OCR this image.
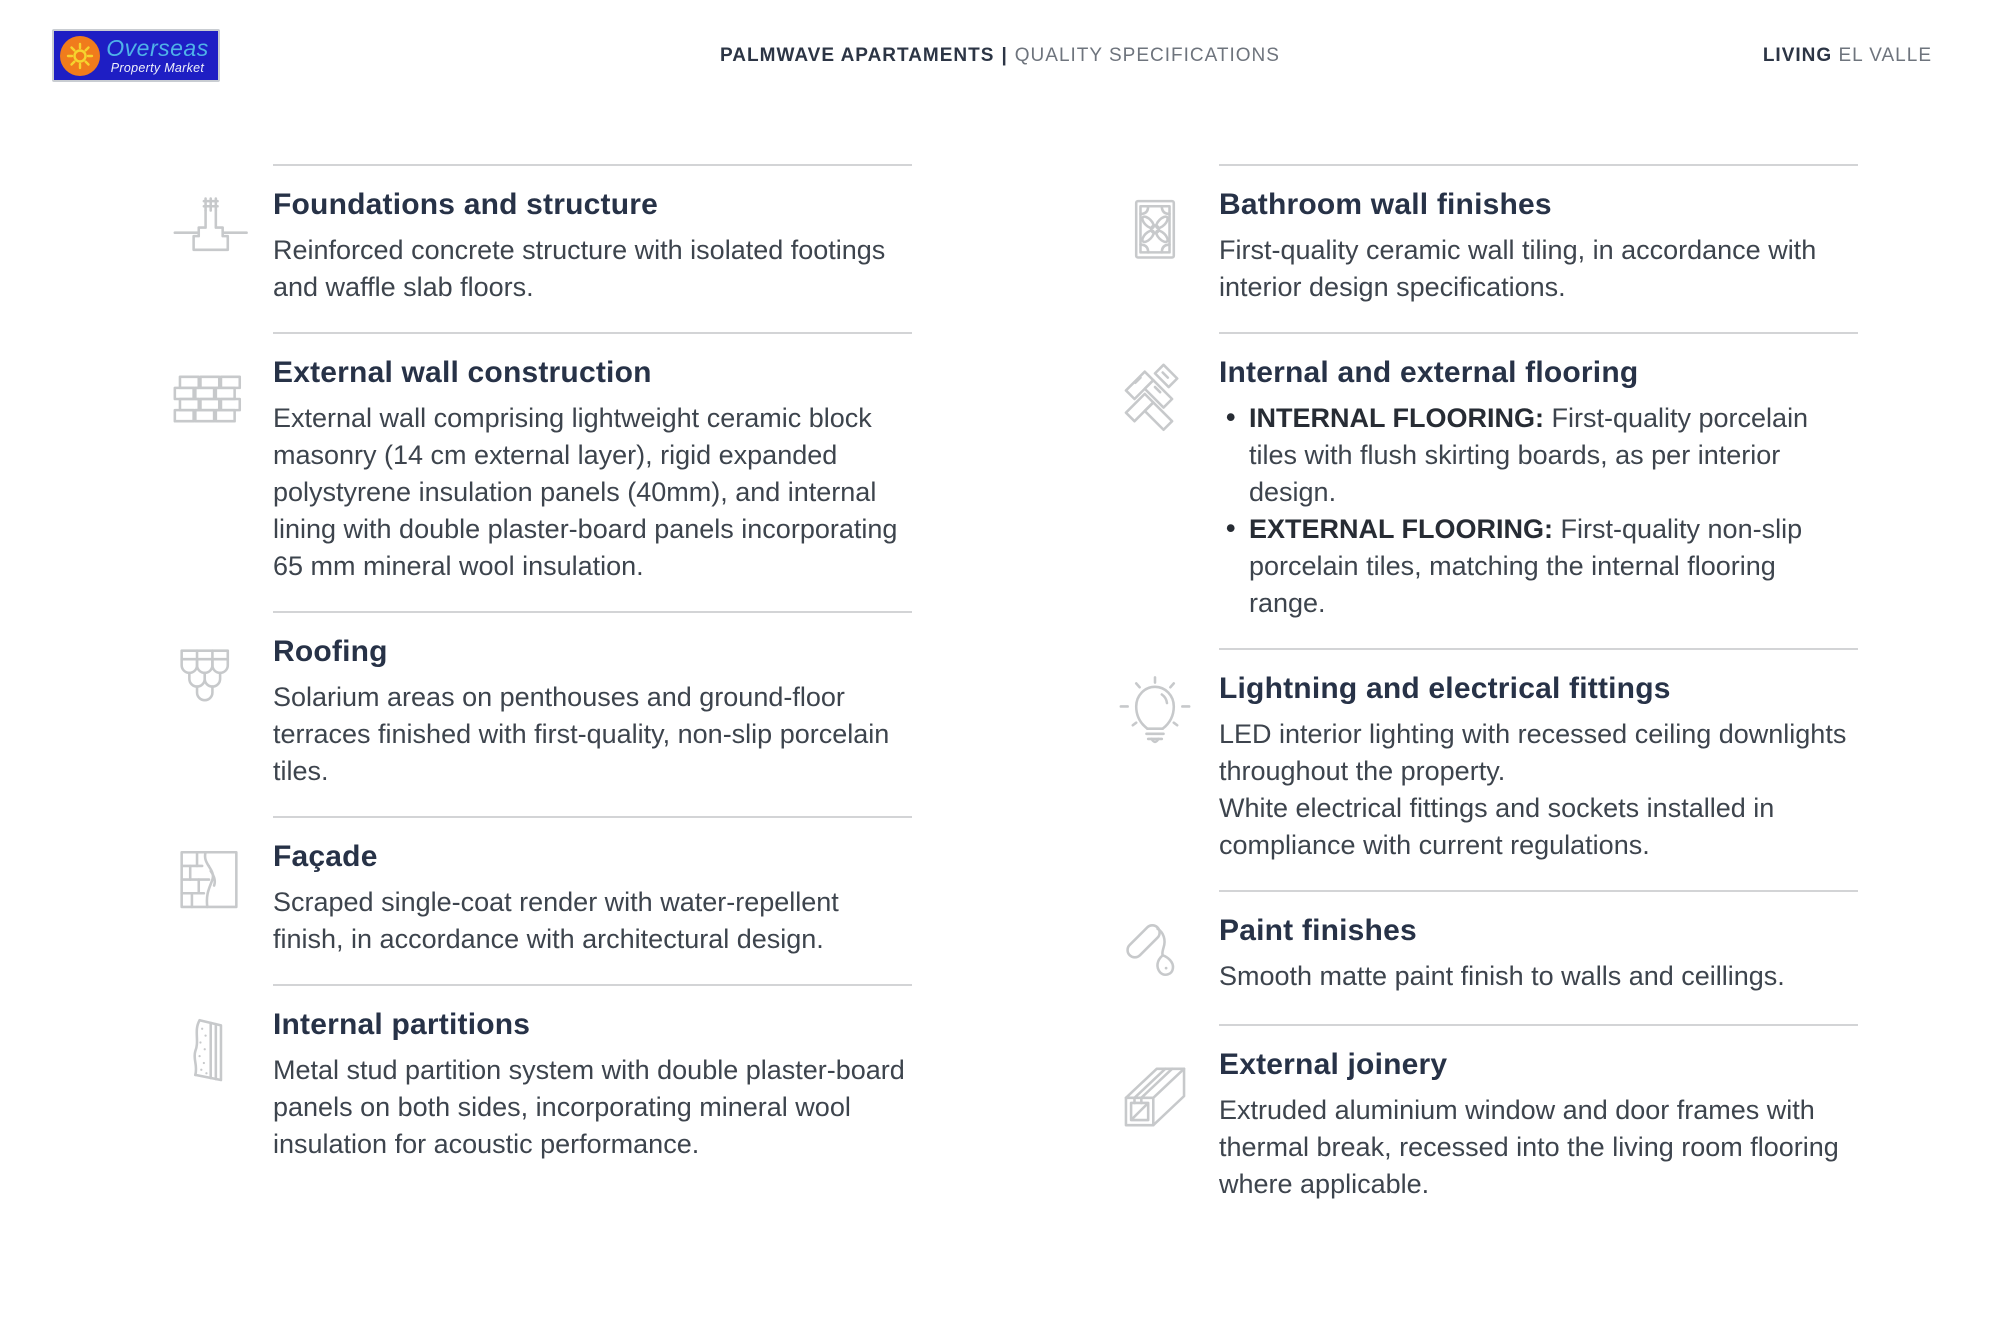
Overseas
Property Market
PALMWAVE APARTAMENTS | QUALITY SPECIFICATIONS	LIVING EL VALLE
Foundations and structure

Reinforced concrete structure with isolated footings and waffle slab floors.

External wall construction

External wall comprising lightweight ceramic block masonry (14 cm external layer), rigid expanded polystyrene insulation panels (40mm), and internal lining with double plaster-board panels incorporating 65 mm mineral wool insulation.

Roofing

Solarium areas on penthouses and ground-floor terraces finished with first-quality, non-slip porcelain tiles.

Façade

Scraped single-coat render with water-repellent finish, in accordance with architectural design.

Internal partitions

Metal stud partition system with double plaster-board panels on both sides, incorporating mineral wool insulation for acoustic performance.

Bathroom wall finishes

First-quality ceramic wall tiling, in accordance with interior design specifications.

Internal and external flooring
• INTERNAL FLOORING: First-quality porcelain tiles with flush skirting boards, as per interior design.
• EXTERNAL FLOORING: First-quality non-slip porcelain tiles, matching the internal flooring range.
Lightning and electrical fittings

LED interior lighting with recessed ceiling downlights throughout the property.

White electrical fittings and sockets installed in compliance with current regulations.

Paint finishes

Smooth matte paint finish to walls and ceillings.

External joinery

Extruded aluminium window and door frames with thermal break, recessed into the living room flooring where applicable.
